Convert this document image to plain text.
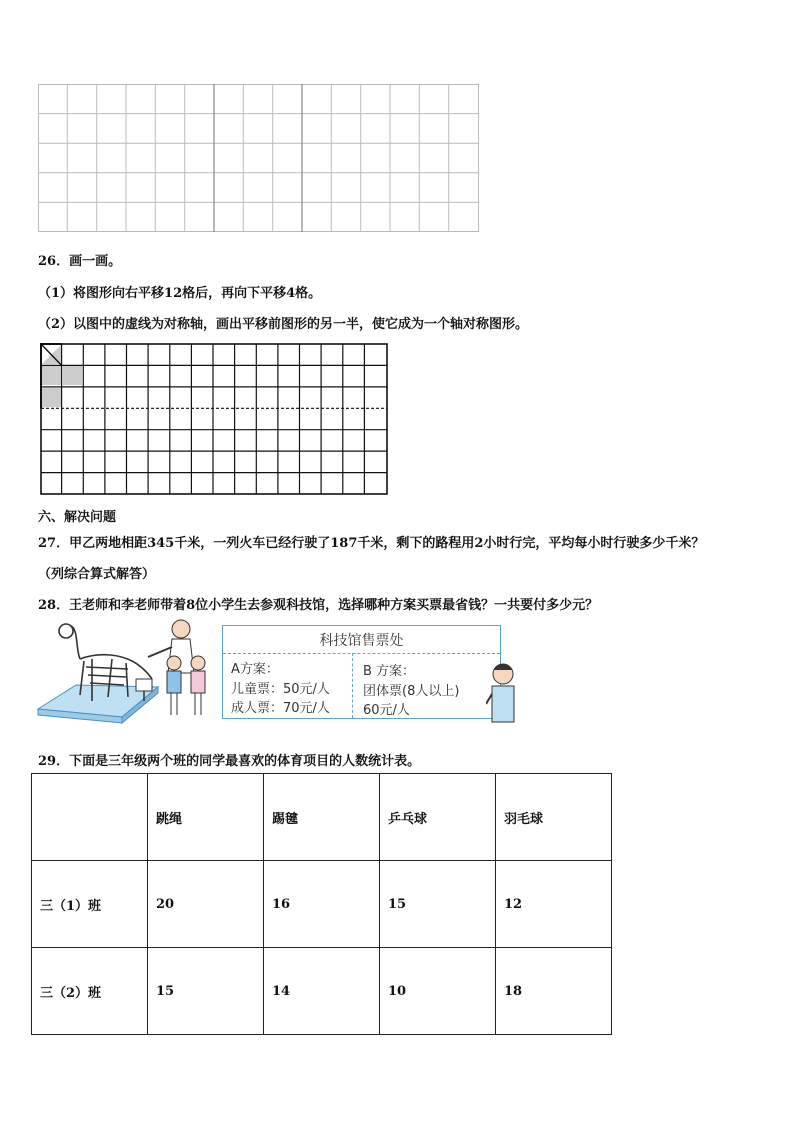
26．画一画。
（1）将图形向右平移12格后，再向下平移4格。
（2）以图中的虚线为对称轴，画出平移前图形的另一半，使它成为一个轴对称图形。
六、解决问题
27．甲乙两地相距345千米，一列火车已经行驶了187千米，剩下的路程用2小时行完，平均每小时行驶多少千米？
（列综合算式解答）
28．王老师和李老师带着8位小学生去参观科技馆，选择哪种方案买票最省钱？一共要付多少元？
科技馆售票处
A方案：
儿童票：50元/人
成人票：70元/人
B 方案：
团体票(8人以上)
60元/人
29．下面是三年级两个班的同学最喜欢的体育项目的人数统计表。
	跳绳	踢毽	乒乓球	羽毛球
三（1）班	20	16	15	12
三（2）班	15	14	10	18
